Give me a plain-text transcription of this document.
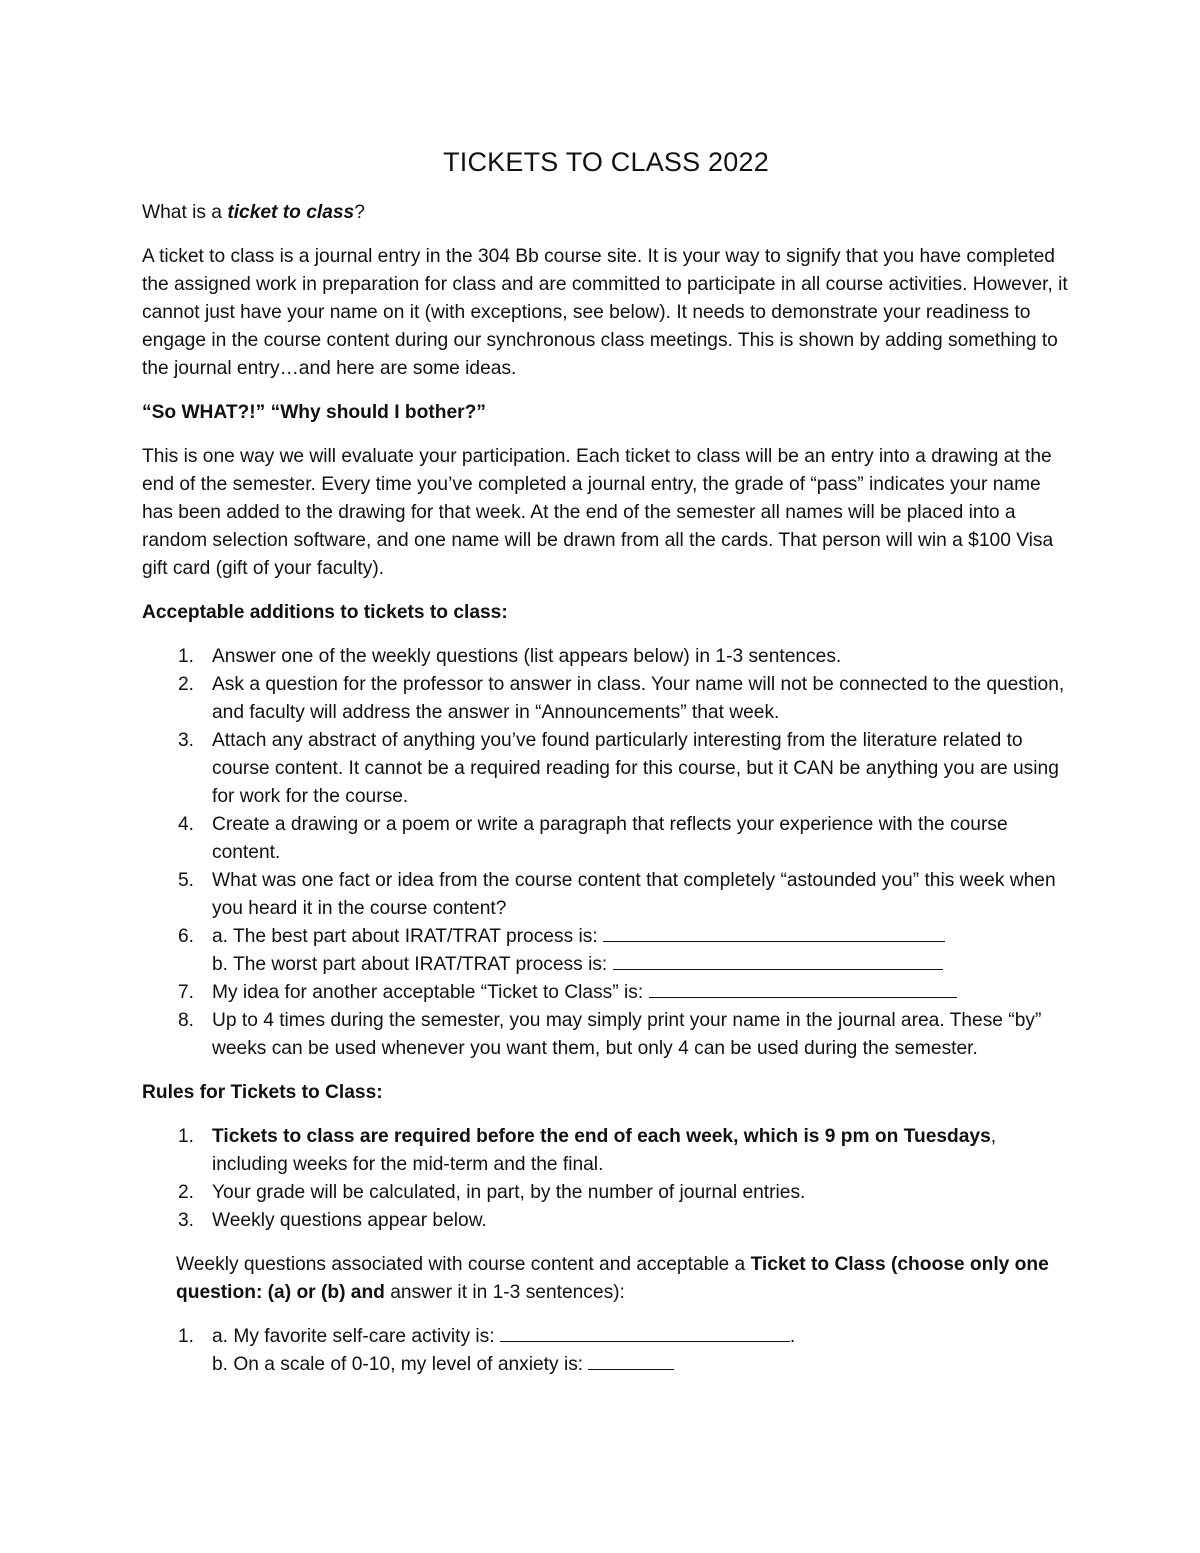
TICKETS TO CLASS 2022

What is a ticket to class?

A ticket to class is a journal entry in the 304 Bb course site. It is your way to signify that you have completed the assigned work in preparation for class and are committed to participate in all course activities. However, it cannot just have your name on it (with exceptions, see below). It needs to demonstrate your readiness to engage in the course content during our synchronous class meetings. This is shown by adding something to the journal entry…and here are some ideas.

“So WHAT?!” “Why should I bother?”

This is one way we will evaluate your participation. Each ticket to class will be an entry into a drawing at the end of the semester. Every time you’ve completed a journal entry, the grade of “pass” indicates your name has been added to the drawing for that week. At the end of the semester all names will be placed into a random selection software, and one name will be drawn from all the cards. That person will win a $100 Visa gift card (gift of your faculty).

Acceptable additions to tickets to class:

1. Answer one of the weekly questions (list appears below) in 1-3 sentences.
2. Ask a question for the professor to answer in class. Your name will not be connected to the question, and faculty will address the answer in “Announcements” that week.
3. Attach any abstract of anything you’ve found particularly interesting from the literature related to course content. It cannot be a required reading for this course, but it CAN be anything you are using for work for the course.
4. Create a drawing or a poem or write a paragraph that reflects your experience with the course content.
5. What was one fact or idea from the course content that completely “astounded you” this week when you heard it in the course content?
6. a. The best part about IRAT/TRAT process is:
b. The worst part about IRAT/TRAT process is:
7. My idea for another acceptable “Ticket to Class” is:
8. Up to 4 times during the semester, you may simply print your name in the journal area. These “by” weeks can be used whenever you want them, but only 4 can be used during the semester.

Rules for Tickets to Class:

1. Tickets to class are required before the end of each week, which is 9 pm on Tuesdays, including weeks for the mid-term and the final.
2. Your grade will be calculated, in part, by the number of journal entries.
3. Weekly questions appear below.

Weekly questions associated with course content and acceptable a Ticket to Class (choose only one question: (a) or (b) and answer it in 1-3 sentences):

1. a. My favorite self-care activity is:	.
b. On a scale of 0-10, my level of anxiety is:
